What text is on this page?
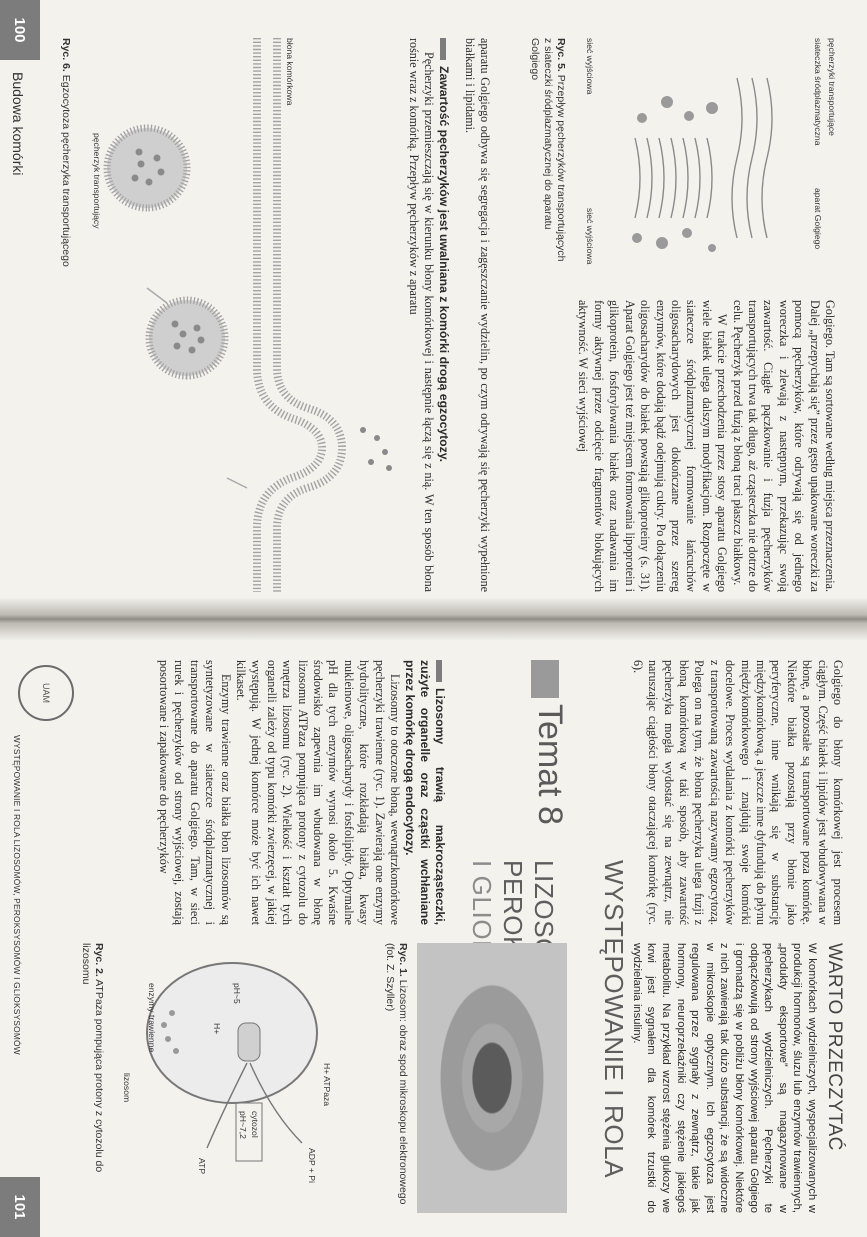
pęcherzyki transportujące
siateczka śródplazmatyczna
aparat Golgiego
sieć wyjściowa
sieć wyjściowa
Ryc. 5. Przepływ pęcherzyków transportujących z siateczki śródplazmatycznej do aparatu Golgiego

Golgiego. Tam są sortowane według miejsca przeznaczenia. Dalej „przepychają się” przez gęsto upakowane woreczki za pomocą pęcherzyków, które odrywają się od jednego woreczka i zlewają z następnym, przekazując swoją zawartość. Ciągłe pączkowanie i fuzja pęcherzyków transportujących trwa tak długo, aż cząsteczka nie dotrze do celu. Pęcherzyk przed fuzją z błoną traci płaszcz białkowy.

W trakcie przechodzenia przez stosy aparatu Golgiego wiele białek ulega dalszym modyfikacjom. Rozpoczęte w siateczce śródplazmatycznej formowanie łańcuchów oligosacharydowych jest dokończane przez szereg enzymów, które dodają bądź odejmują cukry. Po dołączeniu oligosacharydów do białek powstają glikoproteiny (s. 31). Aparat Golgiego jest też miejscem formowania lipoprotein i glikoprotein, fosforylowania białek oraz nadawania im formy aktywnej przez odcięcie fragmentów blokujących aktywność. W sieci wyjściowej

aparatu Golgiego odbywa się segregacja i zagęszczanie wydzielin, po czym odrywają się pęcherzyki wypełnione białkami i lipidami.

Zawartość pęcherzyków jest uwalniana z komórki drogą egzocytozy.

Pęcherzyki przemieszczają się w kierunku błony komórkowej i następnie łączą się z nią. W ten sposób błona rośnie wraz z komórką. Przepływ pęcherzyków z aparatu

błona komórkowa
pęcherzyk transportujący
Ryc. 6. Egzocytoza pęcherzyka transportującego
100
Budowa komórki

Golgiego do błony komórkowej jest procesem ciągłym. Część białek i lipidów jest wbudowywana w błonę, a pozostałe są transportowane poza komórkę. Niektóre białka pozostają przy błonie jako peryferyczne, inne wnikają się w substancję międzykomórkową, a jeszcze inne dyfundują do płynu międzykomórkowego i znajdują swoje komórki docelowe. Proces wydalania z komórki pęcherzyków z transportowaną zawartością nazywamy egzocytozą. Polega on na tym, że błona pęcherzyka ulega fuzji z błoną komórkową w taki sposób, aby zawartość pęcherzyka mogła wydostać się na zewnątrz, nie naruszając ciągłości błony otaczającej komórkę (ryc. 6).

WARTO PRZECZYTAĆ
W komórkach wydzielniczych, wyspecjalizowanych w produkcji hormonów, śluzu lub enzymów trawiennych, „produkty eksportowe” są magazynowane w pęcherzykach wydzielniczych. Pęcherzyki te odpączkowują od strony wyjściowej aparatu Golgiego i gromadzą się w pobliżu błony komórkowej. Niektóre z nich zawierają tak dużo substancji, że są widoczne w mikroskopie optycznym. Ich egzocytoza jest regulowana przez sygnały z zewnątrz, takie jak hormony, neuroprzekaźniki czy stężenie jakiegoś metabolitu. Na przykład wzrost stężenia glukozy we krwi jest sygnałem dla komórek trzustki do wydzielania insuliny.
Temat 8
WYSTĘPOWANIE I ROLA
Lizosomy trawią makrocząsteczki, zużyte organelle oraz cząstki wchłaniane przez komórkę drogą endocytozy.

Lizosomy to otoczone błoną, wewnątrzkomórkowe pęcherzyki trawienne (ryc. 1). Zawierają one enzymy hydrolityczne, które rozkładają białka, kwasy nukleinowe, oligosacharydy i fosfolipidy. Optymalne pH dla tych enzymów wynosi około 5. Kwaśne środowisko zapewnia im wbudowana w błonę lizosomu ATPaza pompująca protony z cytozolu do wnętrza lizosomu (ryc. 2). Wielkość i kształt tych organelli zależy od typu komórki zwierzęcej, w jakiej występują. W jednej komórce może być ich nawet kilkaset.

Enzymy trawienne oraz białka błon lizosomów są syntetyzowane w siateczce śródplazmatycznej i transportowane do aparatu Golgiego. Tam, w sieci rurek i pęcherzyków od strony wyjściowej, zostają posortowane i zapakowane do pęcherzyków

Ryc. 1. Lizosom: obraz spod mikroskopu elektronowego (fot. Z. Szyller)
H+ ATPaza
ADP + Pi
ATP
cytozol
pH~7,2
pH~5
H+
enzymy trawienne
lizosom
Ryc. 2. ATPaza pompująca protony z cytozolu do lizosomu
UAM
WYSTĘPOWANIE I ROLA LIZOSOMÓW, PEROKSYSOMÓW I GLIOKSYSOMÓW
101
